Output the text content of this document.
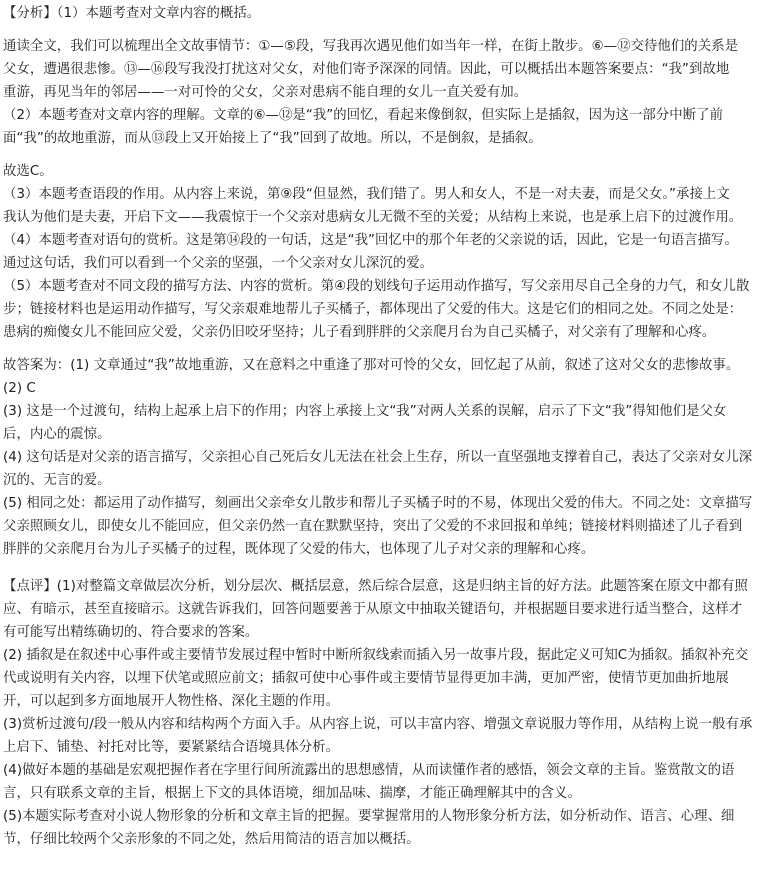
【分析】（1）本题考查对文章内容的概括。
通读全文，我们可以梳理出全文故事情节：①—⑤段，写我再次遇见他们如当年一样，在街上散步。⑥—⑫交待他们的关系是
父女，遭遇很悲惨。⑬—⑯段写我没打扰这对父女，对他们寄予深深的同情。因此，可以概括出本题答案要点：“我”到故地
重游，再见当年的邻居——一对可怜的父女，父亲对患病不能自理的女儿一直关爱有加。
（2）本题考查对文章内容的理解。文章的⑥—⑫是“我”的回忆，看起来像倒叙，但实际上是插叙，因为这一部分中断了前
面“我”的故地重游，而从⑬段上又开始接上了“我”回到了故地。所以，不是倒叙，是插叙。
故选C。
（3）本题考查语段的作用。从内容上来说，第⑨段“但显然，我们错了。男人和女人，不是一对夫妻，而是父女。”承接上文
我认为他们是夫妻，开启下文——我震惊于一个父亲对患病女儿无微不至的关爱；从结构上来说，也是承上启下的过渡作用。
（4）本题考查对语句的赏析。这是第⑭段的一句话，这是“我”回忆中的那个年老的父亲说的话，因此，它是一句语言描写。
通过这句话，我们可以看到一个父亲的坚强，一个父亲对女儿深沉的爱。
（5）本题考查对不同文段的描写方法、内容的赏析。第④段的划线句子运用动作描写，写父亲用尽自己全身的力气，和女儿散
步；链接材料也是运用动作描写，写父亲艰难地帮儿子买橘子，都体现出了父爱的伟大。这是它们的相同之处。不同之处是：
患病的痴傻女儿不能回应父爱，父亲仍旧咬牙坚持；儿子看到胖胖的父亲爬月台为自己买橘子，对父亲有了理解和心疼。
故答案为：(1) 文章通过“我”故地重游，又在意料之中重逢了那对可怜的父女，回忆起了从前，叙述了这对父女的悲惨故事。
(2) C
(3) 这是一个过渡句，结构上起承上启下的作用；内容上承接上文“我”对两人关系的误解，启示了下文“我”得知他们是父女
后，内心的震惊。
(4) 这句话是对父亲的语言描写，父亲担心自己死后女儿无法在社会上生存，所以一直坚强地支撑着自己，表达了父亲对女儿深
沉的、无言的爱。
(5) 相同之处：都运用了动作描写，刻画出父亲牵女儿散步和帮儿子买橘子时的不易，体现出父爱的伟大。不同之处：文章描写
父亲照顾女儿，即使女儿不能回应，但父亲仍然一直在默默坚持，突出了父爱的不求回报和单纯；链接材料则描述了儿子看到
胖胖的父亲爬月台为儿子买橘子的过程，既体现了父爱的伟大，也体现了儿子对父亲的理解和心疼。
【点评】(1)对整篇文章做层次分析，划分层次、概括层意，然后综合层意，这是归纳主旨的好方法。此题答案在原文中都有照
应、有暗示，甚至直接暗示。这就告诉我们，回答问题要善于从原文中抽取关键语句，并根据题目要求进行适当整合，这样才
有可能写出精练确切的、符合要求的答案。
(2) 插叙是在叙述中心事件或主要情节发展过程中暂时中断所叙线索而插入另一故事片段，据此定义可知C为插叙。插叙补充交
代或说明有关内容，以埋下伏笔或照应前文；插叙可使中心事件或主要情节显得更加丰满，更加严密，使情节更加曲折地展
开，可以起到多方面地展开人物性格、深化主题的作用。
(3)赏析过渡句/段一般从内容和结构两个方面入手。从内容上说，可以丰富内容、增强文章说服力等作用，从结构上说一般有承
上启下、铺垫、衬托对比等，要紧紧结合语境具体分析。
(4)做好本题的基础是宏观把握作者在字里行间所流露出的思想感情，从而读懂作者的感悟，领会文章的主旨。鉴赏散文的语
言，只有联系文章的主旨，根据上下文的具体语境，细加品味、揣摩，才能正确理解其中的含义。
(5)本题实际考查对小说人物形象的分析和文章主旨的把握。要掌握常用的人物形象分析方法，如分析动作、语言、心理、细
节，仔细比较两个父亲形象的不同之处，然后用简洁的语言加以概括。
